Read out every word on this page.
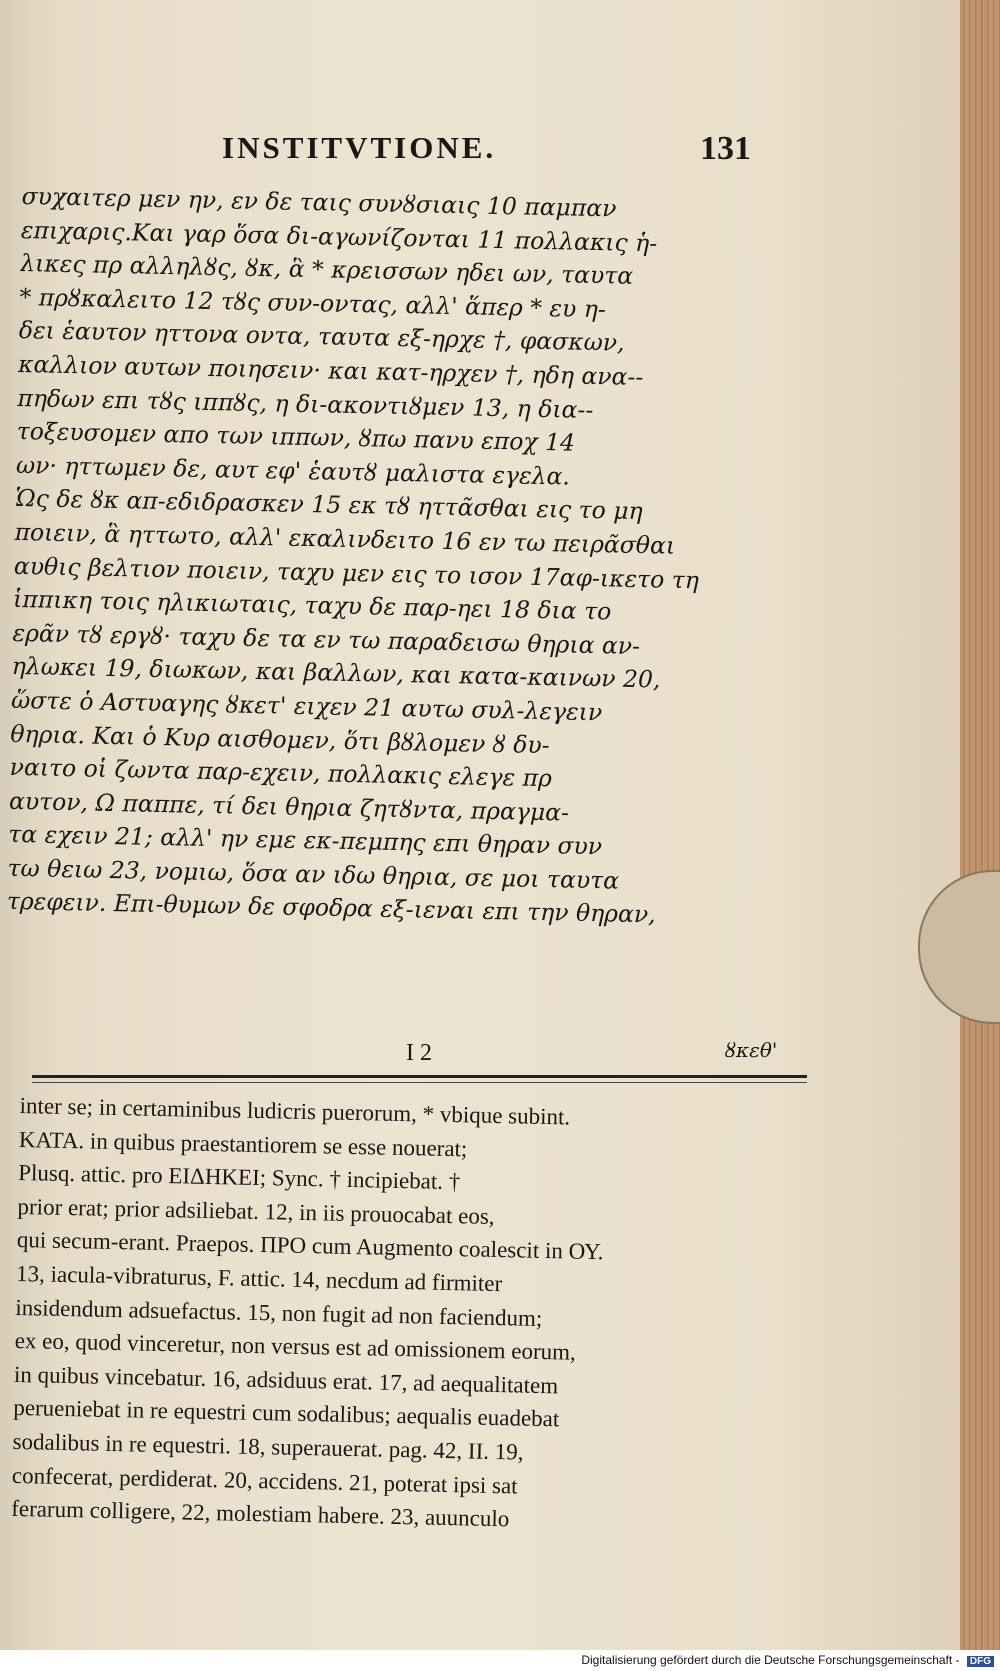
INSTITVTIONE.	131
συχαιτερ μεν ην, εν δε ταις συνȣσιαις 10 παμπαν
επιχαρις.Και γαρ ὅσα δι-αγωνίζονται 11 πολλακις ἡ-
λικες πρ αλληλȣς, ȣκ, ἃ * κρεισσων ηδει ων, ταυτα
* πρȣκαλειτο 12 τȣς συν-οντας, αλλ' ἅπερ * ευ η-
δει ἑαυτον ηττονα οντα, ταυτα εξ-ηρχε †, φασκων,
καλλιον αυτων ποιησειν· και κατ-ηρχεν †, ηδη ανα--
πηδων επι τȣς ιππȣς, η δι-ακοντιȣμεν 13, η δια--
τοξευσομεν απο των ιππων, ȣπω πανυ εποχ 14
ων· ηττωμεν δε, αυτ εφ' ἑαυτȣ μαλιστα εγελα.
Ὡς δε ȣκ απ-εδιδρασκεν 15 εκ τȣ ηττᾶσθαι εις το μη
ποιειν, ἃ ηττωτο, αλλ' εκαλινδειτο 16 εν τω πειρᾶσθαι
αυθις βελτιον ποιειν, ταχυ μεν εις το ισον 17αφ-ικετο τη
ἱππικη τοις ηλικιωταις, ταχυ δε παρ-ηει 18 δια το
ερᾶν τȣ εργȣ· ταχυ δε τα εν τω παραδεισω θηρια αν-
ηλωκει 19, διωκων, και βαλλων, και κατα-καινων 20,
ὥστε ὁ Αστυαγης ȣκετ' ειχεν 21 αυτω συλ-λεγειν
θηρια. Και ὁ Κυρ αισθομεν, ὅτι βȣλομεν ȣ δυ-
ναιτο οἱ ζωντα παρ-εχειν, πολλακις ελεγε πρ
αυτον, Ω παππε, τί δει θηρια ζητȣντα, πραγμα-
τα εχειν 21; αλλ' ην εμε εκ-πεμπης επι θηραν συν
τω θειω 23, νομιω, ὅσα αν ιδω θηρια, σε μοι ταυτα
τρεφειν. Επι-θυμων δε σφοδρα εξ-ιεναι επι την θηραν,
I 2	ȣκεθ'
inter se; in certaminibus ludicris puerorum, * vbique subint.
ΚΑΤΑ. in quibus praestantiorem se esse nouerat;
Plusq. attic. pro ΕΙΔΗΚΕΙ; Sync. † incipiebat. †
prior erat; prior adsiliebat. 12, in iis prouocabat eos,
qui secum-erant. Praepos. ΠΡΟ cum Augmento coalescit in ΟΥ.
13, iacula-vibraturus, F. attic. 14, necdum ad firmiter
insidendum adsuefactus. 15, non fugit ad non faciendum;
ex eo, quod vinceretur, non versus est ad omissionem eorum,
in quibus vincebatur. 16, adsiduus erat. 17, ad aequalitatem
perueniebat in re equestri cum sodalibus; aequalis euadebat
sodalibus in re equestri. 18, superauerat. pag. 42, II. 19,
confecerat, perdiderat. 20, accidens. 21, poterat ipsi sat
ferarum colligere, 22, molestiam habere. 23, auunculo
Digitalisierung gefördert durch die Deutsche Forschungsgemeinschaft - DFG
